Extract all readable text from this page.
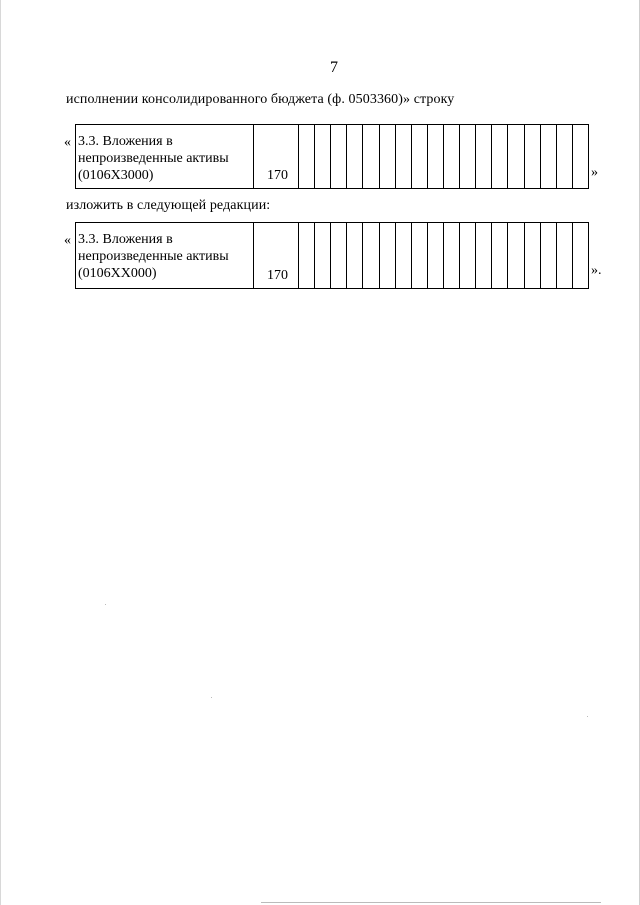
7
исполнении консолидированного бюджета (ф. 0503360)» строку
« 3.3. Вложения в
непроизведенные активы
(0106X3000)	170	»
изложить в следующей редакции:
« 3.3. Вложения в
непроизведенные активы
(0106XX000)	170	».
